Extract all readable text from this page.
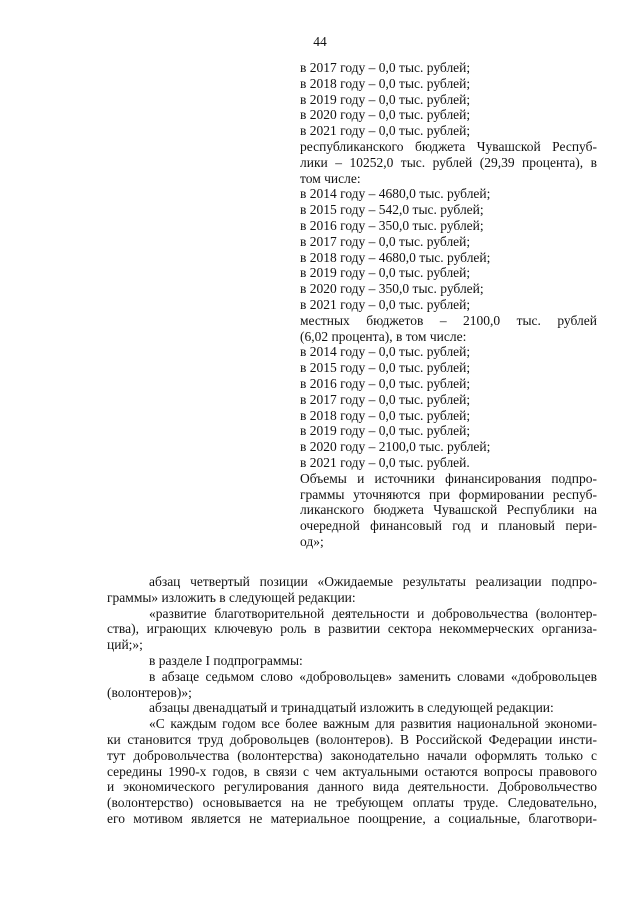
44
в 2017 году – 0,0 тыс. рублей;
в 2018 году – 0,0 тыс. рублей;
в 2019 году – 0,0 тыс. рублей;
в 2020 году – 0,0 тыс. рублей;
в 2021 году – 0,0 тыс. рублей;
республиканского бюджета Чувашской Респуб-
лики – 10252,0 тыс. рублей (29,39 процента), в
том числе:
в 2014 году – 4680,0 тыс. рублей;
в 2015 году – 542,0 тыс. рублей;
в 2016 году – 350,0 тыс. рублей;
в 2017 году – 0,0 тыс. рублей;
в 2018 году – 4680,0 тыс. рублей;
в 2019 году – 0,0 тыс. рублей;
в 2020 году – 350,0 тыс. рублей;
в 2021 году – 0,0 тыс. рублей;
местных бюджетов – 2100,0 тыс. рублей
(6,02 процента), в том числе:
в 2014 году – 0,0 тыс. рублей;
в 2015 году – 0,0 тыс. рублей;
в 2016 году – 0,0 тыс. рублей;
в 2017 году – 0,0 тыс. рублей;
в 2018 году – 0,0 тыс. рублей;
в 2019 году – 0,0 тыс. рублей;
в 2020 году – 2100,0 тыс. рублей;
в 2021 году – 0,0 тыс. рублей.
Объемы и источники финансирования подпро-
граммы уточняются при формировании респуб-
ликанского бюджета Чувашской Республики на
очередной финансовый год и плановый пери-
од»;
абзац четвертый позиции «Ожидаемые результаты реализации подпро-
граммы» изложить в следующей редакции:
«развитие благотворительной деятельности и добровольчества (волонтер-
ства), играющих ключевую роль в развитии сектора некоммерческих организа-
ций;»;
в разделе I подпрограммы:
в абзаце седьмом слово «добровольцев» заменить словами «добровольцев
(волонтеров)»;
абзацы двенадцатый и тринадцатый изложить в следующей редакции:
«С каждым годом все более важным для развития национальной экономи-
ки становится труд добровольцев (волонтеров). В Российской Федерации инсти-
тут добровольчества (волонтерства) законодательно начали оформлять только с
середины 1990-х годов, в связи с чем актуальными остаются вопросы правового
и экономического регулирования данного вида деятельности. Добровольчество
(волонтерство) основывается на не требующем оплаты труде. Следовательно,
его мотивом является не материальное поощрение, а социальные, благотвори-
